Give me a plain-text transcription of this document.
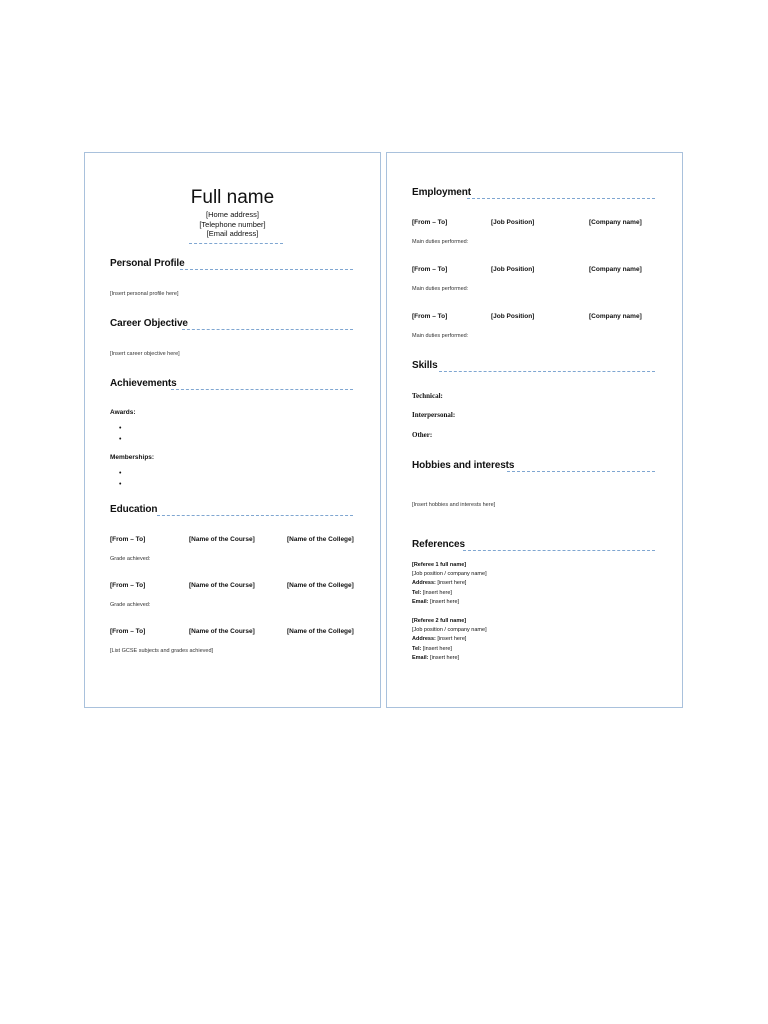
Full name
[Home address]
[Telephone number]
[Email address]
Personal Profile
[Insert personal profile here]
Career Objective
[Insert career objective here]
Achievements
Awards:
•
•
Memberships:
•
•
Education
[From – To]	[Name of the Course]	[Name of the College]
Grade achieved:
[From – To]	[Name of the Course]	[Name of the College]
Grade achieved:
[From – To]	[Name of the Course]	[Name of the College]
[List GCSE subjects and grades achieved]
Employment
[From – To]	[Job Position]	[Company name]
Main duties performed:
[From – To]	[Job Position]	[Company name]
Main duties performed:
[From – To]	[Job Position]	[Company name]
Main duties performed:
Skills
Technical:
Interpersonal:
Other:
Hobbies and interests
[Insert hobbies and interests here]
References
[Referee 1 full name]
[Job position / company name]
Address: [insert here]
Tel: [insert here]
Email: [insert here]
[Referee 2 full name]
[Job position / company name]
Address: [insert here]
Tel: [insert here]
Email: [insert here]
